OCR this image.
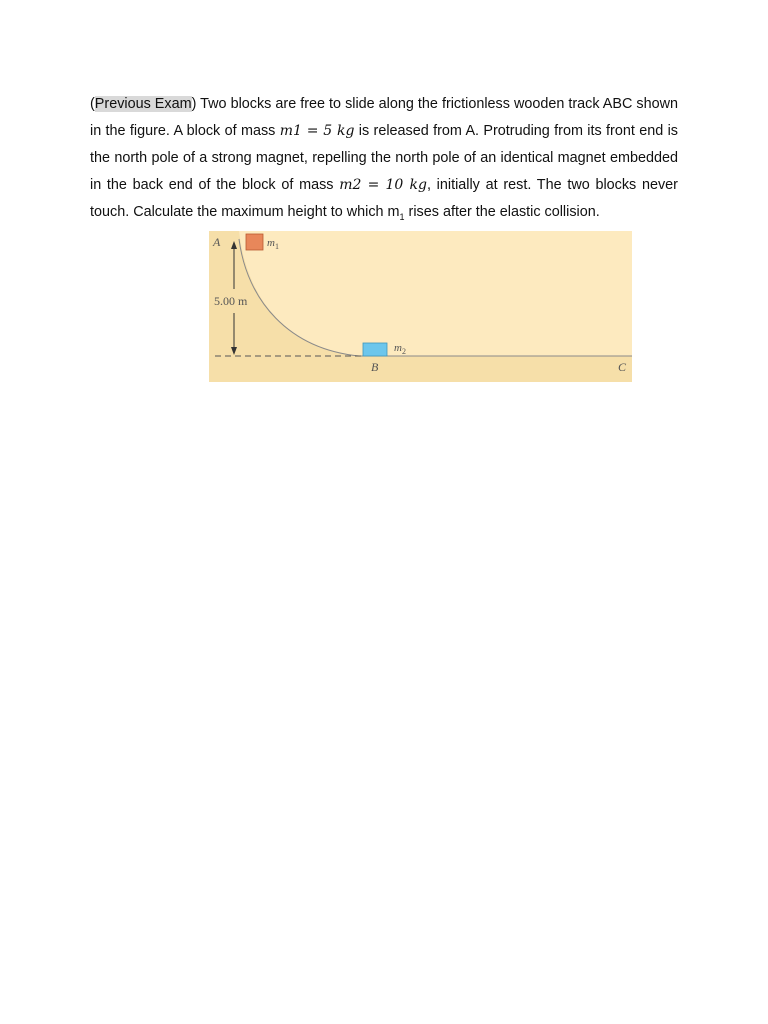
(Previous Exam) Two blocks are free to slide along the frictionless wooden track ABC shown in the figure. A block of mass m1 = 5 kg is released from A. Protruding from its front end is the north pole of a strong magnet, repelling the north pole of an identical magnet embedded in the back end of the block of mass m2 = 10 kg, initially at rest. The two blocks never touch. Calculate the maximum height to which $m_1$ rises after the elastic collision.

A
5.00 m
$m_1$
$m_2$
B	C
